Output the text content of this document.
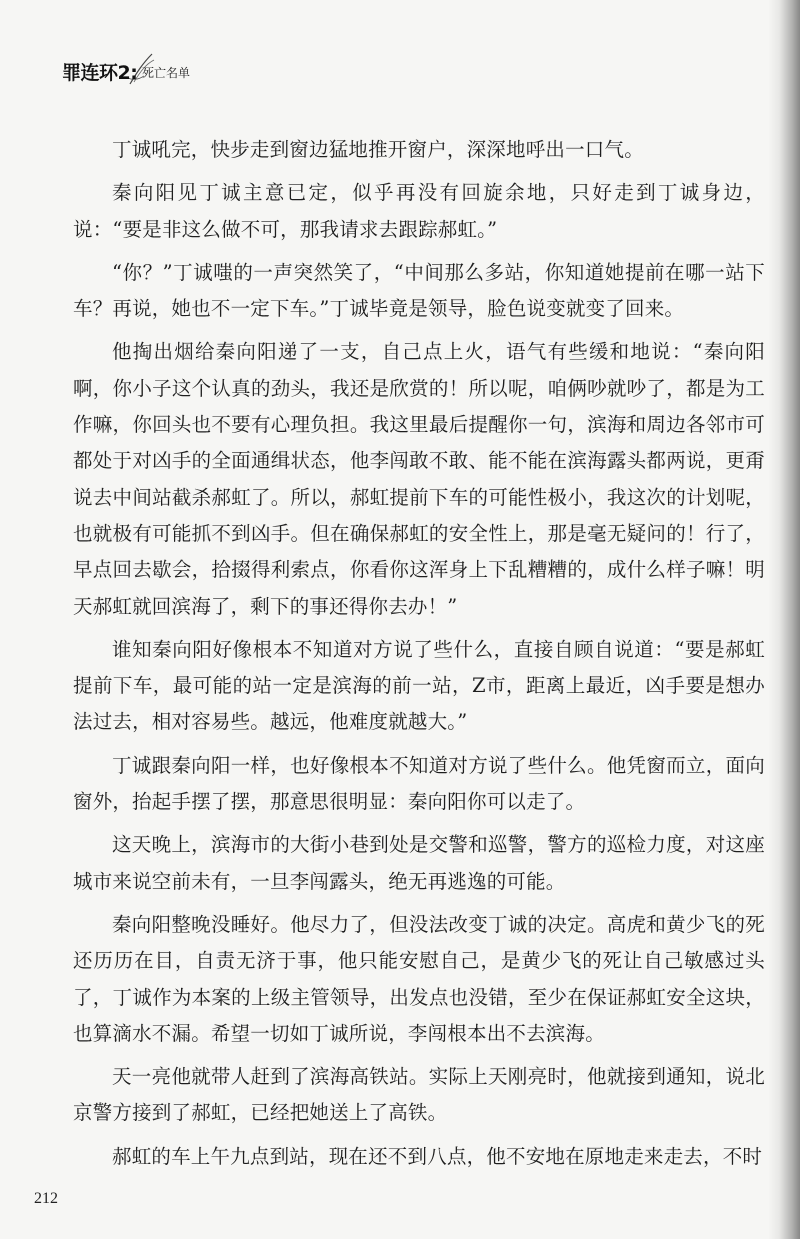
罪连环2: 死亡名单

丁诚吼完，快步走到窗边猛地推开窗户，深深地呼出一口气。

秦向阳见丁诚主意已定，似乎再没有回旋余地，只好走到丁诚身边，说：“要是非这么做不可，那我请求去跟踪郝虹。”

“你？”丁诚嗤的一声突然笑了，“中间那么多站，你知道她提前在哪一站下车？再说，她也不一定下车。”丁诚毕竟是领导，脸色说变就变了回来。

他掏出烟给秦向阳递了一支，自己点上火，语气有些缓和地说：“秦向阳啊，你小子这个认真的劲头，我还是欣赏的！所以呢，咱俩吵就吵了，都是为工作嘛，你回头也不要有心理负担。我这里最后提醒你一句，滨海和周边各邻市可都处于对凶手的全面通缉状态，他李闯敢不敢、能不能在滨海露头都两说，更甭说去中间站截杀郝虹了。所以，郝虹提前下车的可能性极小，我这次的计划呢，也就极有可能抓不到凶手。但在确保郝虹的安全性上，那是毫无疑问的！行了，早点回去歇会，拾掇得利索点，你看你这浑身上下乱糟糟的，成什么样子嘛！明天郝虹就回滨海了，剩下的事还得你去办！”

谁知秦向阳好像根本不知道对方说了些什么，直接自顾自说道：“要是郝虹提前下车，最可能的站一定是滨海的前一站，Z市，距离上最近，凶手要是想办法过去，相对容易些。越远，他难度就越大。”

丁诚跟秦向阳一样，也好像根本不知道对方说了些什么。他凭窗而立，面向窗外，抬起手摆了摆，那意思很明显：秦向阳你可以走了。

这天晚上，滨海市的大街小巷到处是交警和巡警，警方的巡检力度，对这座城市来说空前未有，一旦李闯露头，绝无再逃逸的可能。

秦向阳整晚没睡好。他尽力了，但没法改变丁诚的决定。高虎和黄少飞的死还历历在目，自责无济于事，他只能安慰自己，是黄少飞的死让自己敏感过头了，丁诚作为本案的上级主管领导，出发点也没错，至少在保证郝虹安全这块，也算滴水不漏。希望一切如丁诚所说，李闯根本出不去滨海。

天一亮他就带人赶到了滨海高铁站。实际上天刚亮时，他就接到通知，说北京警方接到了郝虹，已经把她送上了高铁。

郝虹的车上午九点到站，现在还不到八点，他不安地在原地走来走去，不时

212
